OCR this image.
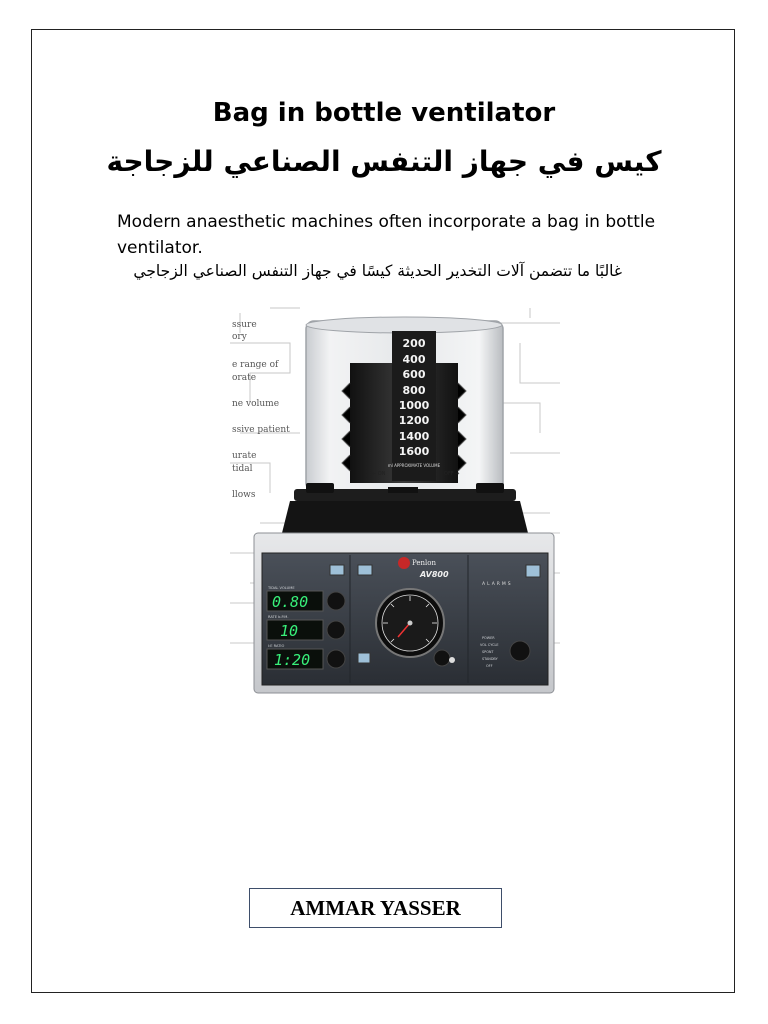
Bag in bottle ventilator
كيس في جهاز التنفس الصناعي للزجاجة
Modern anaesthetic machines often incorporate a bag in bottle ventilator.
غالبًا ما تتضمن آلات التخدير الحديثة كيسًا في جهاز التنفس الصناعي الزجاجي
ssure
ory
e range of
orate
ne volume
ssive patient
urate
tidal
llows
200
400
600
800
1000
1200
1400
1600
ml APPROXIMATE VOLUME
← ON	OFF →
Penlon
AV800
ALARMS
TIDAL VOLUME
RATE b.P.M.
I:E RATIO
0.80
10
1:20
POWER
VOL CYCLE
SPONT
STANDBY
OFF
AMMAR YASSER
